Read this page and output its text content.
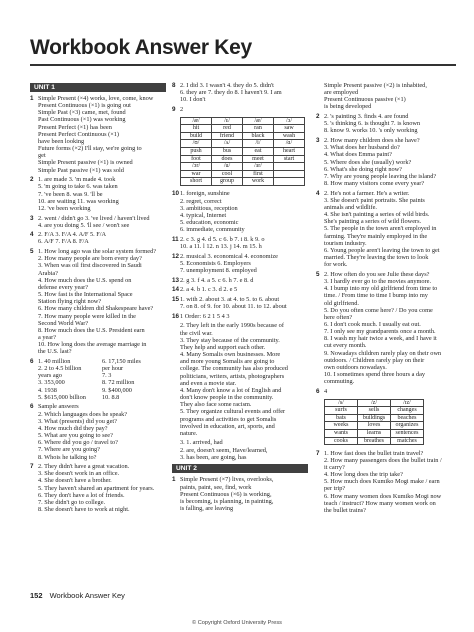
Workbook Answer Key
UNIT 1
1 Simple Present (×4) works, love, come, know
Present Continuous (×1) is going out
Simple Past (×3) came, met, found
Past Continuous (×1) was working
Present Perfect (×1) has been
Present Perfect Continuous (×1)
have been looking
Future forms (×2) I'll stay, we're going to
get
Simple Present passive (×1) is owned
Simple Past passive (×1) was sold
2 1. are made 3. 'm made 4. took
5. 'm going to take 6. was taken
7. 've been 8. was 9. 'll be
10. are waiting 11. was working
12. 've been working
3 2. went / didn't go 3. 've lived / haven't lived
4. are you doing 5. 'll see / won't see
4 2. F/A 3. F/A 4. A/F 5. F/A
6. A/F 7. F/A 8. F/A
5 1. How long ago was the solar system formed?
2. How many people are born every day?
3. When was oil first discovered in Saudi
Arabia?
4. How much does the U.S. spend on
defense every year?
5. How fast is the International Space
Station flying right now?
6. How many children did Shakespeare have?
7. How many people were killed in the
Second World War?
8. How much does the U.S. President earn
a year?
10. How long does the average marriage in
the U.S. last?
6 1. 40 million	6. 17,150 miles
2. 2 to 4.5 billion	per hour
years ago	7. 3
3. 353,000	8. 72 million
4. 1938	9. $400,000
5. $615,000 billion	10. 8.8
6 Sample answers
2. Which languages does he speak?
3. What (presents) did you get?
4. How much did they pay?
5. What are you going to see?
6. Where did you go / travel to?
7. Where are you going?
8. Whois he talking to?
7 2. They didn't have a great vacation.
3. She doesn't work in an office.
4. She doesn't have a brother.
5. They haven't shared an apartment for years.
6. They don't have a lot of friends.
7. She didn't go to college.
8. She doesn't have to work at night.
8 2. I did 3. I wasn't 4. they do 5. didn't
6. they are 7. they do 8. I haven't 9. I am
10. I don't
9 2
/æ/	/ɛ/	/æ/	/ɔ/
hit	red	ran	saw
build	friend	black	wash
/ʊ/	/ʌ/	/i/	/ɑ/
push	bus	eat	heart
foot	does	meet	start
/ɔr/	/u/	/ɜr/	
war	cool	first	
short	group	work	
10 1. foreign, sunshine
2. regret, correct
3. ambitious, reception
4. typical, Internet
5. education, economic
6. immediate, community
11 2. c 3. g 4. d 5. c 6. b 7. i 8. k 9. o
10. a 11. l 12. n 13. j 14. m 15. h
12 2. musical 3. economical 4. economize
5. Economists 6. Employers
7. unemployment 8. employed
13 2. g 3. f 4. a 5. c 6. h 7. e 8. d
14 2. a 4. b 1. c 3. d 2. e 5
15 1. with 2. about 3. at 4. to 5. to 6. about
7. on 8. of 9. for 10. about 11. to 12. about
16 1 Order: 6 2 1 5 4 3
2. They left in the early 1990s because of
the civil war.
3. They stay because of the community.
They help and support each other.
4. Many Somalis own businesses. More
and more young Somalis are going to
college. The community has also produced
politicians, writers, artists, photographers
and even a movie star.
4. Many don't know a lot of English and
don't know people in the community.
They also face some racism.
5. They organize cultural events and offer
programs and activities to get Somalis
involved in education, art, sports, and
nature.
3. 1. arrived, had
2. are, doesn't seem, Have/learned,
3. has been, are going, has
UNIT 2
1 Simple Present (×7) lives, overlooks,
paints, paint, see, find, work
Present Continuous (×6) is working,
is becoming, is planning, in painting,
is falling, are leaving
Simple Present passive (×2) is inhabited,
are employed
Present Continuous passive (×1)
is being developed
2 2. 's painting 3. finds 4. are found
5. 's thinking 6. is thought 7. is known
8. know 9. works 10. 's only working
3 2. How many children does she have?
3. What does her husband do?
4. What does Emma paint?
5. Where does she (usually) work?
6. What's she doing right now?
7. Why are young people leaving the island?
8. How many visitors come every year?
4 2. He's not a farmer. He's a writer.
3. She doesn't paint portraits. She paints
animals and wildlife.
4. She isn't painting a series of wild birds.
She's painting a series of wild flowers.
5. The people in the town aren't employed in
farming. They're mainly employed in the
tourism industry.
6. Young people aren't leaving the town to get
married. They're leaving the town to look
for work.
5 2. How often do you see Julie these days?
3. I hardly ever go to the movies anymore.
4. I bump into my old girlfriend from time to
time. / From time to time I bump into my
old girlfriend.
5. Do you often come here? / Do you come
here often?
6. I don't cook much. I usually eat out.
7. I only see my grandparents once a month.
8. I wash my hair twice a week, and I have it
cut every month.
9. Nowadays children rarely play on their own
outdoors. / Children rarely play on their
own outdoors nowadays.
10. I sometimes spend three hours a day
commuting.
6 4
/s/	/z/	/ɪz/
surfs	sells	changes
bats	buildings	beaches
weeks	loves	organizes
wants	learns	sentences
cooks	breathes	matches
7 1. How fast does the bullet train travel?
2. How many passengers does the bullet train /
it carry?
4. How long does the trip take?
5. How much does Kumiko Mogi make / earn
per trip?
6. How many women does Kumiko Mogi now
teach / instruct? How many women work on
the bullet trains?
152 Workbook Answer Key
© Copyright Oxford University Press
